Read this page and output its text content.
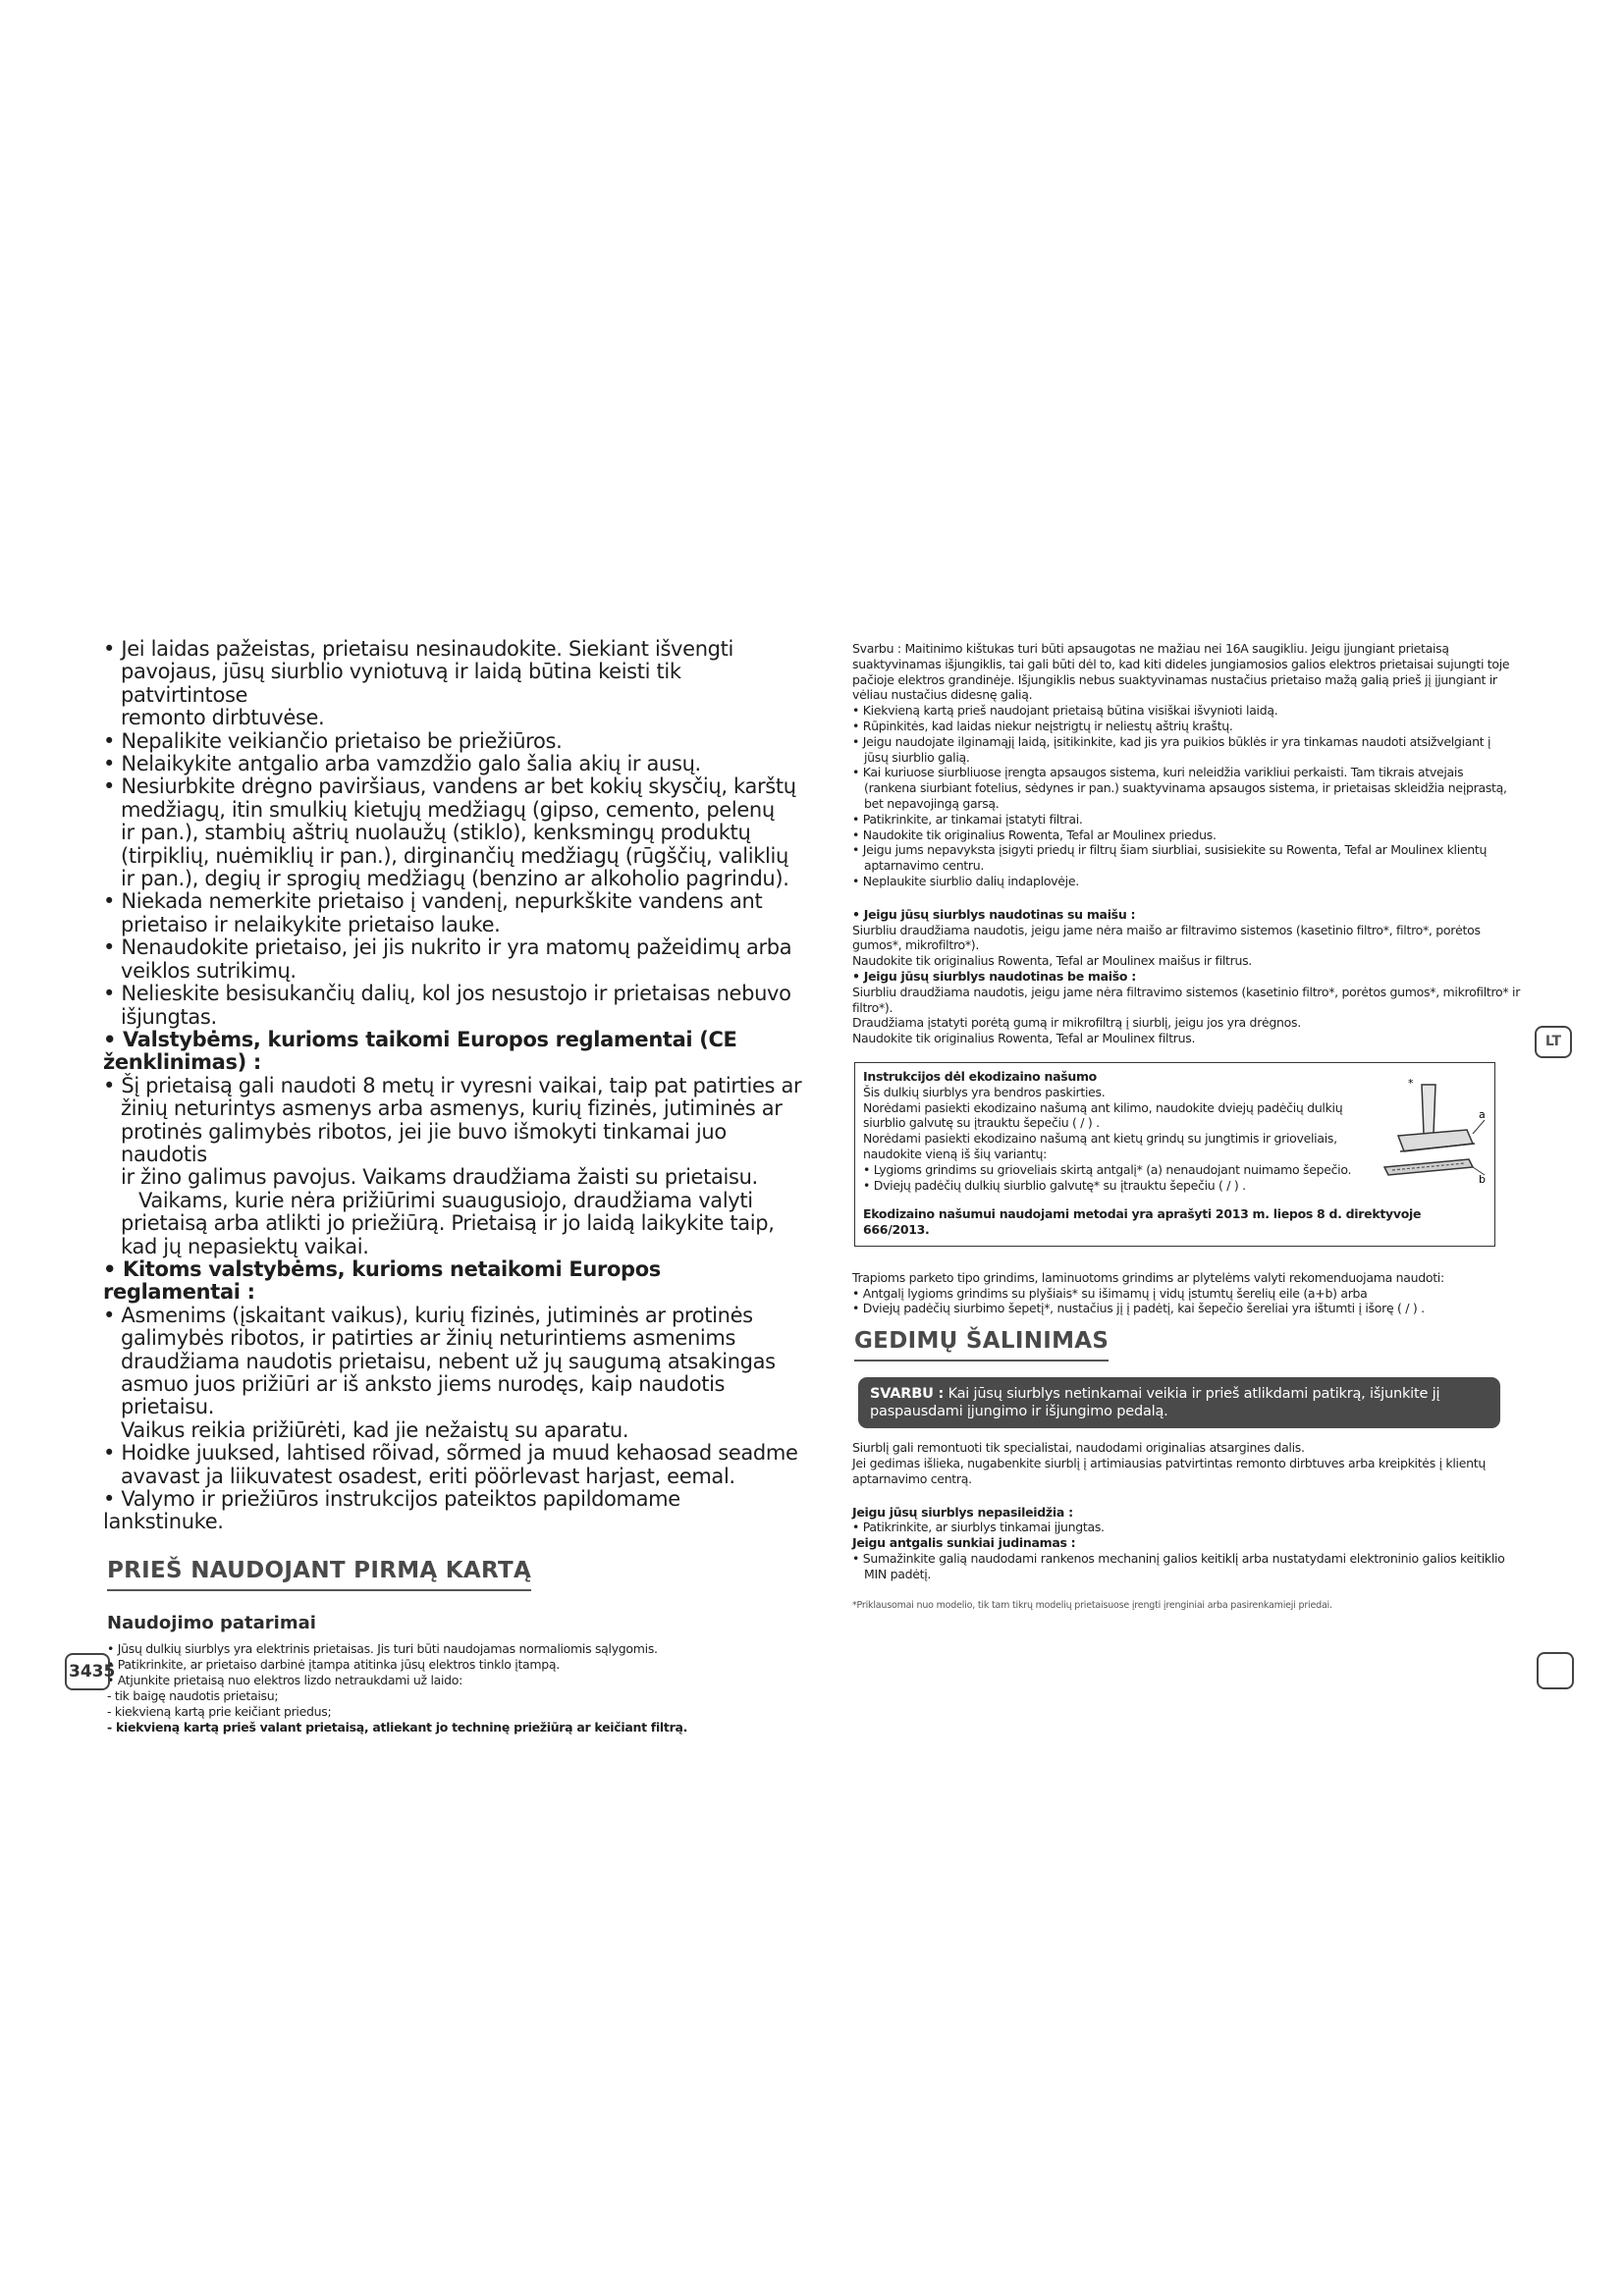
• Jei laidas pažeistas, prietaisu nesinaudokite. Siekiant išvengti

pavojaus, jūsų siurblio vyniotuvą ir laidą būtina keisti tik patvirtintose

remonto dirbtuvėse.

• Nepalikite veikiančio prietaiso be priežiūros.

• Nelaikykite antgalio arba vamzdžio galo šalia akių ir ausų.

• Nesiurbkite drėgno paviršiaus, vandens ar bet kokių skysčių, karštų

medžiagų, itin smulkių kietųjų medžiagų (gipso, cemento, pelenų

ir pan.), stambių aštrių nuolaužų (stiklo), kenksmingų produktų

(tirpiklių, nuėmiklių ir pan.), dirginančių medžiagų (rūgščių, valiklių

ir pan.), degių ir sprogių medžiagų (benzino ar alkoholio pagrindu).

• Niekada nemerkite prietaiso į vandenį, nepurkškite vandens ant

prietaiso ir nelaikykite prietaiso lauke.

• Nenaudokite prietaiso, jei jis nukrito ir yra matomų pažeidimų arba

veiklos sutrikimų.

• Nelieskite besisukančių dalių, kol jos nesustojo ir prietaisas nebuvo

išjungtas.

• Valstybėms, kurioms taikomi Europos reglamentai (CE ženklinimas) :

• Šį prietaisą gali naudoti 8 metų ir vyresni vaikai, taip pat patirties ar

žinių neturintys asmenys arba asmenys, kurių fizinės, jutiminės ar

protinės galimybės ribotos, jei jie buvo išmokyti tinkamai juo naudotis

ir žino galimus pavojus. Vaikams draudžiama žaisti su prietaisu.

Vaikams, kurie nėra prižiūrimi suaugusiojo, draudžiama valyti

prietaisą arba atlikti jo priežiūrą. Prietaisą ir jo laidą laikykite taip,

kad jų nepasiektų vaikai.

• Kitoms valstybėms, kurioms netaikomi Europos reglamentai :

• Asmenims (įskaitant vaikus), kurių fizinės, jutiminės ar protinės

galimybės ribotos, ir patirties ar žinių neturintiems asmenims

draudžiama naudotis prietaisu, nebent už jų saugumą atsakingas

asmuo juos prižiūri ar iš anksto jiems nurodęs, kaip naudotis

prietaisu.

Vaikus reikia prižiūrėti, kad jie nežaistų su aparatu.

• Hoidke juuksed, lahtised rõivad, sõrmed ja muud kehaosad seadme

avavast ja liikuvatest osadest, eriti pöörlevast harjast, eemal.

• Valymo ir priežiūros instrukcijos pateiktos papildomame lankstinuke.

PRIEŠ NAUDOJANT PIRMĄ KARTĄ
Naudojimo patarimai

• Jūsų dulkių siurblys yra elektrinis prietaisas. Jis turi būti naudojamas normaliomis sąlygomis.

• Patikrinkite, ar prietaiso darbinė įtampa atitinka jūsų elektros tinklo įtampą.

• Atjunkite prietaisą nuo elektros lizdo netraukdami už laido:

- tik baigę naudotis prietaisu;

- kiekvieną kartą prie keičiant priedus;

- kiekvieną kartą prieš valant prietaisą, atliekant jo techninę priežiūrą ar keičiant filtrą.

3435

Svarbu : Maitinimo kištukas turi būti apsaugotas ne mažiau nei 16A saugikliu. Jeigu įjungiant prietaisą

suaktyvinamas išjungiklis, tai gali būti dėl to, kad kiti dideles jungiamosios galios elektros prietaisai sujungti toje

pačioje elektros grandinėje. Išjungiklis nebus suaktyvinamas nustačius prietaiso mažą galią prieš jį įjungiant ir

vėliau nustačius didesnę galią.

• Kiekvieną kartą prieš naudojant prietaisą būtina visiškai išvynioti laidą.

• Rūpinkitės, kad laidas niekur neįstrigtų ir neliestų aštrių kraštų.

• Jeigu naudojate ilginamąjį laidą, įsitikinkite, kad jis yra puikios būklės ir yra tinkamas naudoti atsižvelgiant į

jūsų siurblio galią.

• Kai kuriuose siurbliuose įrengta apsaugos sistema, kuri neleidžia varikliui perkaisti. Tam tikrais atvejais

(rankena siurbiant fotelius, sėdynes ir pan.) suaktyvinama apsaugos sistema, ir prietaisas skleidžia neįprastą,

bet nepavojingą garsą.

• Patikrinkite, ar tinkamai įstatyti filtrai.

• Naudokite tik originalius Rowenta, Tefal ar Moulinex priedus.

• Jeigu jums nepavyksta įsigyti priedų ir filtrų šiam siurbliai, susisiekite su Rowenta, Tefal ar Moulinex klientų

aptarnavimo centru.

• Neplaukite siurblio dalių indaplovėje.

• Jeigu jūsų siurblys naudotinas su maišu :

Siurbliu draudžiama naudotis, jeigu jame nėra maišo ar filtravimo sistemos (kasetinio filtro*, filtro*, porėtos

gumos*, mikrofiltro*).

Naudokite tik originalius Rowenta, Tefal ar Moulinex maišus ir filtrus.

• Jeigu jūsų siurblys naudotinas be maišo :

Siurbliu draudžiama naudotis, jeigu jame nėra filtravimo sistemos (kasetinio filtro*, porėtos gumos*, mikrofiltro* ir filtro*).

Draudžiama įstatyti porėtą gumą ir mikrofiltrą į siurblį, jeigu jos yra drėgnos.

Naudokite tik originalius Rowenta, Tefal ar Moulinex filtrus.

Instrukcijos dėl ekodizaino našumo

Šis dulkių siurblys yra bendros paskirties.

Norėdami pasiekti ekodizaino našumą ant kilimo, naudokite dviejų padėčių dulkių

siurblio galvutę su įtrauktu šepečiu ( / ) .

Norėdami pasiekti ekodizaino našumą ant kietų grindų su jungtimis ir grioveliais,

naudokite vieną iš šių variantų:

• Lygioms grindims su grioveliais skirtą antgalį* (a) nenaudojant nuimamo šepečio.

• Dviejų padėčių dulkių siurblio galvutę* su įtrauktu šepečiu ( / ) .

Ekodizaino našumui naudojami metodai yra aprašyti 2013 m. liepos 8 d. direktyvoje 666/2013.

*
a
b

Trapioms parketo tipo grindims, laminuotoms grindims ar plytelėms valyti rekomenduojama naudoti:

• Antgalį lygioms grindims su plyšiais* su išimamų į vidų įstumtų šerelių eile (a+b) arba

• Dviejų padėčių siurbimo šepetį*, nustačius jį į padėtį, kai šepečio šereliai yra ištumti į išorę ( / ) .

GEDIMŲ ŠALINIMAS
SVARBU : Kai jūsų siurblys netinkamai veikia ir prieš atlikdami patikrą, išjunkite jį paspausdami įjungimo ir išjungimo pedalą.

Siurblį gali remontuoti tik specialistai, naudodami originalias atsargines dalis.

Jei gedimas išlieka, nugabenkite siurblį į artimiausias patvirtintas remonto dirbtuves arba kreipkitės į klientų

aptarnavimo centrą.

Jeigu jūsų siurblys nepasileidžia :

• Patikrinkite, ar siurblys tinkamai įjungtas.

Jeigu antgalis sunkiai judinamas :

• Sumažinkite galią naudodami rankenos mechaninį galios keitiklį arba nustatydami elektroninio galios keitiklio

MIN padėtį.

*Priklausomai nuo modelio, tik tam tikrų modelių prietaisuose įrengti įrenginiai arba pasirenkamieji priedai.
LT
